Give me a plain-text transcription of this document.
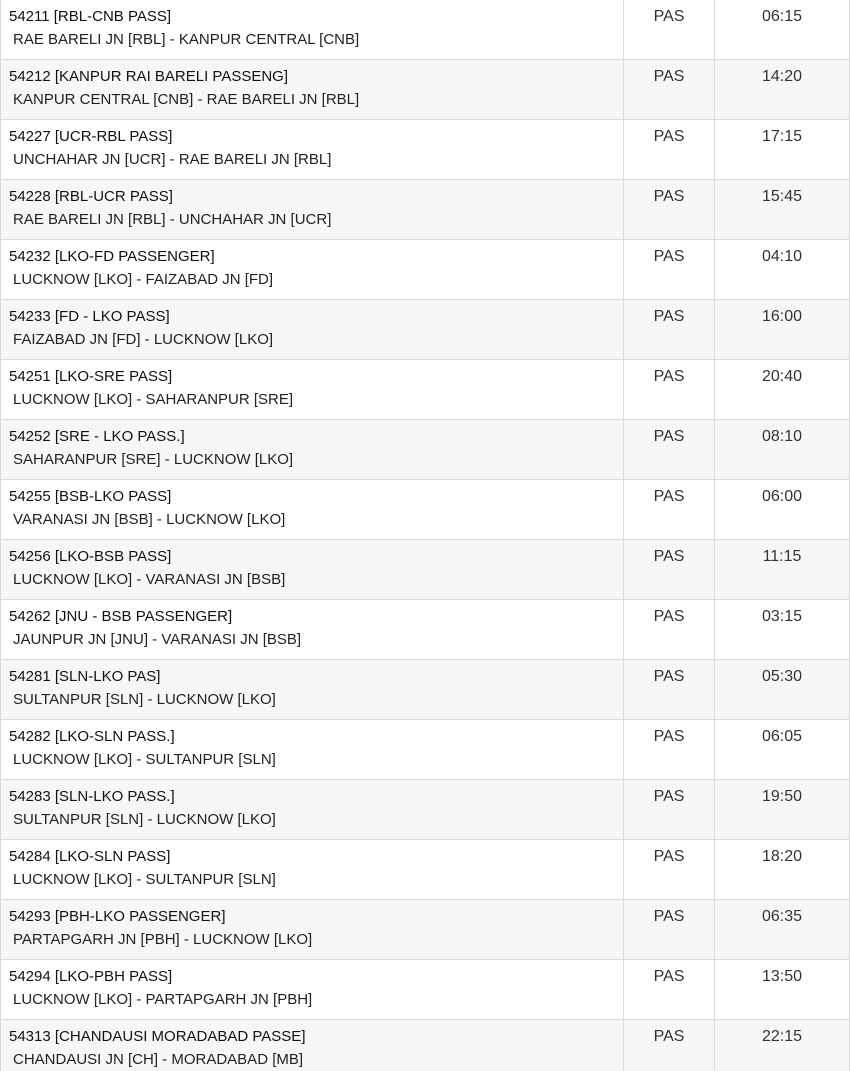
54211 [RBL-CNB PASS]
RAE BARELI JN [RBL] - KANPUR CENTRAL [CNB]
PAS	06:15
54212 [KANPUR RAI BARELI PASSENG]
KANPUR CENTRAL [CNB] - RAE BARELI JN [RBL]
PAS	14:20
54227 [UCR-RBL PASS]
UNCHAHAR JN [UCR] - RAE BARELI JN [RBL]
PAS	17:15
54228 [RBL-UCR PASS]
RAE BARELI JN [RBL] - UNCHAHAR JN [UCR]
PAS	15:45
54232 [LKO-FD PASSENGER]
LUCKNOW [LKO] - FAIZABAD JN [FD]
PAS	04:10
54233 [FD - LKO PASS]
FAIZABAD JN [FD] - LUCKNOW [LKO]
PAS	16:00
54251 [LKO-SRE PASS]
LUCKNOW [LKO] - SAHARANPUR [SRE]
PAS	20:40
54252 [SRE - LKO PASS.]
SAHARANPUR [SRE] - LUCKNOW [LKO]
PAS	08:10
54255 [BSB-LKO PASS]
VARANASI JN [BSB] - LUCKNOW [LKO]
PAS	06:00
54256 [LKO-BSB PASS]
LUCKNOW [LKO] - VARANASI JN [BSB]
PAS	11:15
54262 [JNU - BSB PASSENGER]
JAUNPUR JN [JNU] - VARANASI JN [BSB]
PAS	03:15
54281 [SLN-LKO PAS]
SULTANPUR [SLN] - LUCKNOW [LKO]
PAS	05:30
54282 [LKO-SLN PASS.]
LUCKNOW [LKO] - SULTANPUR [SLN]
PAS	06:05
54283 [SLN-LKO PASS.]
SULTANPUR [SLN] - LUCKNOW [LKO]
PAS	19:50
54284 [LKO-SLN PASS]
LUCKNOW [LKO] - SULTANPUR [SLN]
PAS	18:20
54293 [PBH-LKO PASSENGER]
PARTAPGARH JN [PBH] - LUCKNOW [LKO]
PAS	06:35
54294 [LKO-PBH PASS]
LUCKNOW [LKO] - PARTAPGARH JN [PBH]
PAS	13:50
54313 [CHANDAUSI MORADABAD PASSE]
CHANDAUSI JN [CH] - MORADABAD [MB]
PAS	22:15
